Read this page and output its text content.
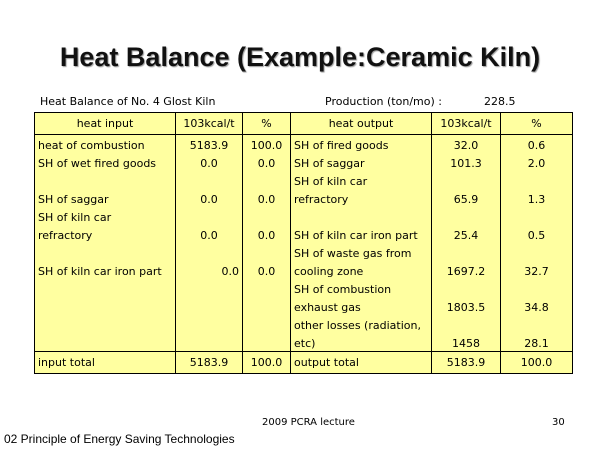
Heat Balance (Example:Ceramic Kiln)
Heat Balance of No. 4 Glost Kiln	Production (ton/mo) :	228.5
heat input	103kcal/t	%	heat output	103kcal/t	%
heat of combustion	5183.9	100.0	SH of fired goods	32.0	0.6
SH of wet fired goods	0.0	0.0	SH of saggar	101.3	2.0
			SH of kiln car		
SH of saggar	0.0	0.0	refractory	65.9	1.3
SH of kiln car					
refractory	0.0	0.0	SH of kiln car iron part	25.4	0.5
			SH of waste gas from		
SH of kiln car iron part	0.0	0.0	cooling zone	1697.2	32.7
			SH of combustion		
			exhaust gas	1803.5	34.8
			other losses (radiation,		
			etc)	1458	28.1
input total	5183.9	100.0	output total	5183.9	100.0
2009 PCRA lecture	30
02 Principle of Energy Saving Technologies
